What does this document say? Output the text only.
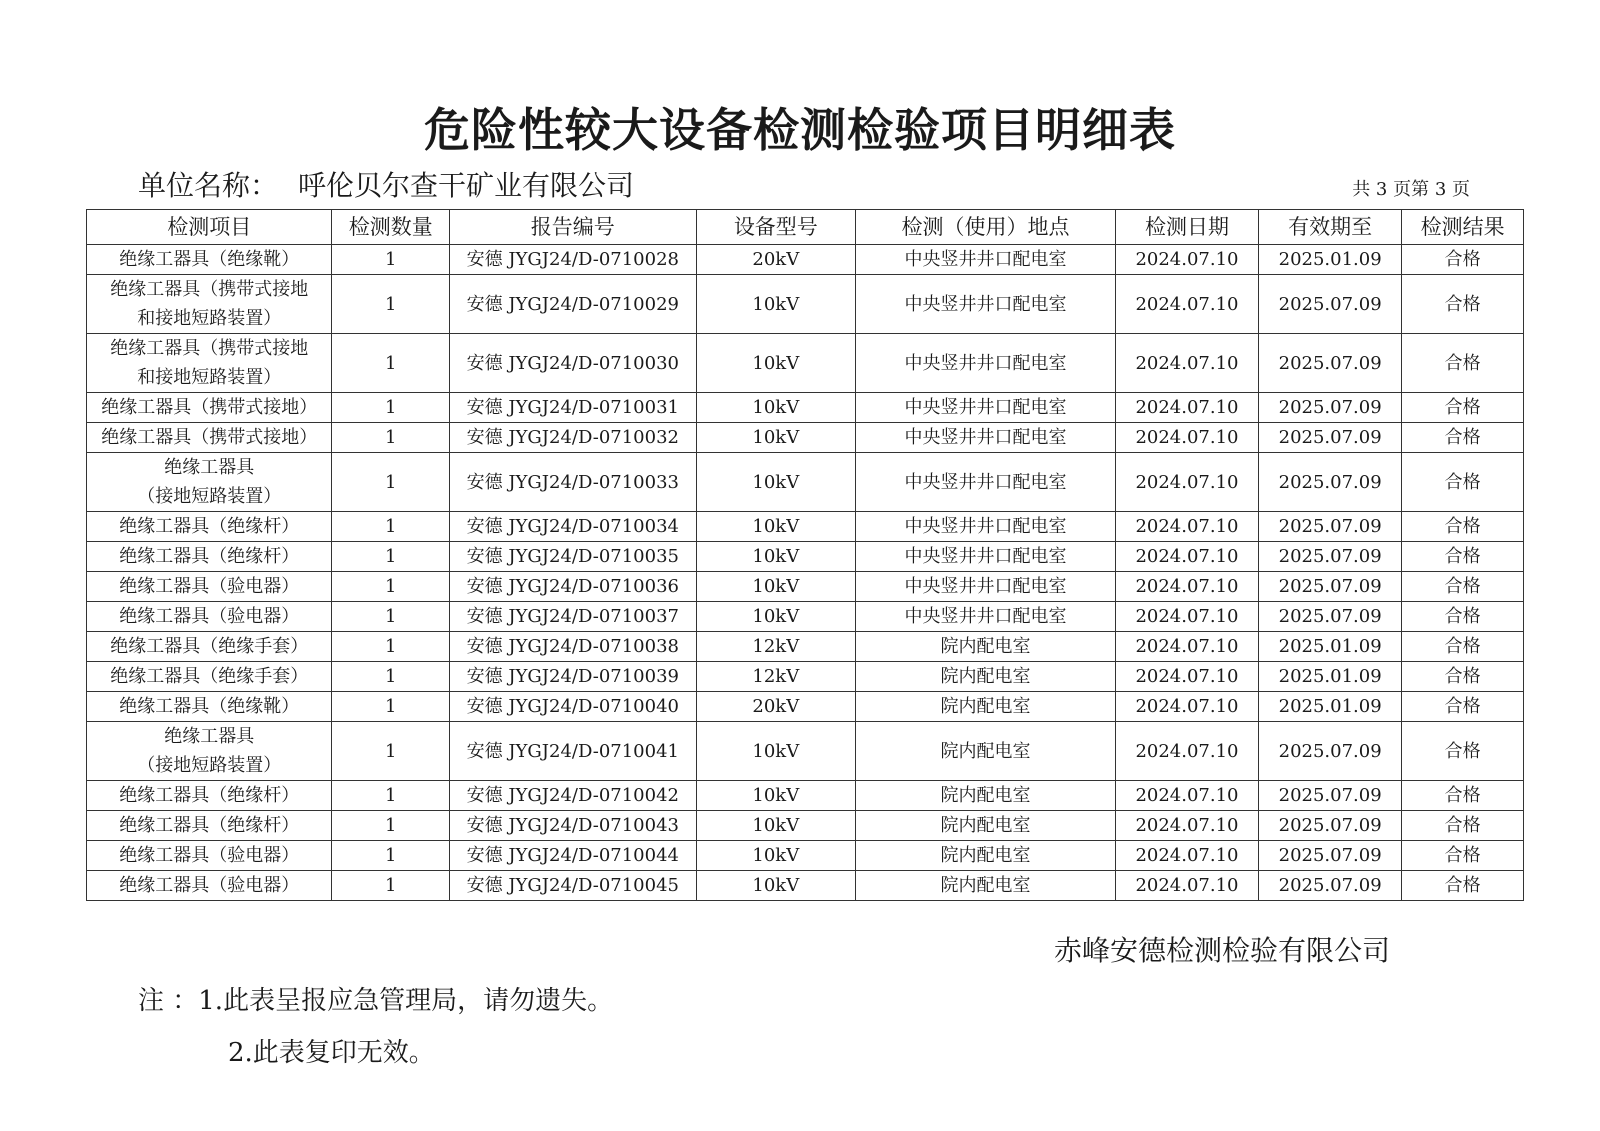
危险性较大设备检测检验项目明细表
单位名称： 呼伦贝尔查干矿业有限公司	共 3 页第 3 页
检测项目	检测数量	报告编号	设备型号	检测（使用）地点	检测日期	有效期至	检测结果
绝缘工器具（绝缘靴）	1	安德 JYGJ24/D-0710028	20kV	中央竖井井口配电室	2024.07.10	2025.01.09	合格
绝缘工器具（携带式接地
和接地短路装置）	1	安德 JYGJ24/D-0710029	10kV	中央竖井井口配电室	2024.07.10	2025.07.09	合格
绝缘工器具（携带式接地
和接地短路装置）	1	安德 JYGJ24/D-0710030	10kV	中央竖井井口配电室	2024.07.10	2025.07.09	合格
绝缘工器具（携带式接地）	1	安德 JYGJ24/D-0710031	10kV	中央竖井井口配电室	2024.07.10	2025.07.09	合格
绝缘工器具（携带式接地）	1	安德 JYGJ24/D-0710032	10kV	中央竖井井口配电室	2024.07.10	2025.07.09	合格
绝缘工器具
（接地短路装置）	1	安德 JYGJ24/D-0710033	10kV	中央竖井井口配电室	2024.07.10	2025.07.09	合格
绝缘工器具（绝缘杆）	1	安德 JYGJ24/D-0710034	10kV	中央竖井井口配电室	2024.07.10	2025.07.09	合格
绝缘工器具（绝缘杆）	1	安德 JYGJ24/D-0710035	10kV	中央竖井井口配电室	2024.07.10	2025.07.09	合格
绝缘工器具（验电器）	1	安德 JYGJ24/D-0710036	10kV	中央竖井井口配电室	2024.07.10	2025.07.09	合格
绝缘工器具（验电器）	1	安德 JYGJ24/D-0710037	10kV	中央竖井井口配电室	2024.07.10	2025.07.09	合格
绝缘工器具（绝缘手套）	1	安德 JYGJ24/D-0710038	12kV	院内配电室	2024.07.10	2025.01.09	合格
绝缘工器具（绝缘手套）	1	安德 JYGJ24/D-0710039	12kV	院内配电室	2024.07.10	2025.01.09	合格
绝缘工器具（绝缘靴）	1	安德 JYGJ24/D-0710040	20kV	院内配电室	2024.07.10	2025.01.09	合格
绝缘工器具
（接地短路装置）	1	安德 JYGJ24/D-0710041	10kV	院内配电室	2024.07.10	2025.07.09	合格
绝缘工器具（绝缘杆）	1	安德 JYGJ24/D-0710042	10kV	院内配电室	2024.07.10	2025.07.09	合格
绝缘工器具（绝缘杆）	1	安德 JYGJ24/D-0710043	10kV	院内配电室	2024.07.10	2025.07.09	合格
绝缘工器具（验电器）	1	安德 JYGJ24/D-0710044	10kV	院内配电室	2024.07.10	2025.07.09	合格
绝缘工器具（验电器）	1	安德 JYGJ24/D-0710045	10kV	院内配电室	2024.07.10	2025.07.09	合格
赤峰安德检测检验有限公司
注 ：1.此表呈报应急管理局，请勿遗失。
2.此表复印无效。
